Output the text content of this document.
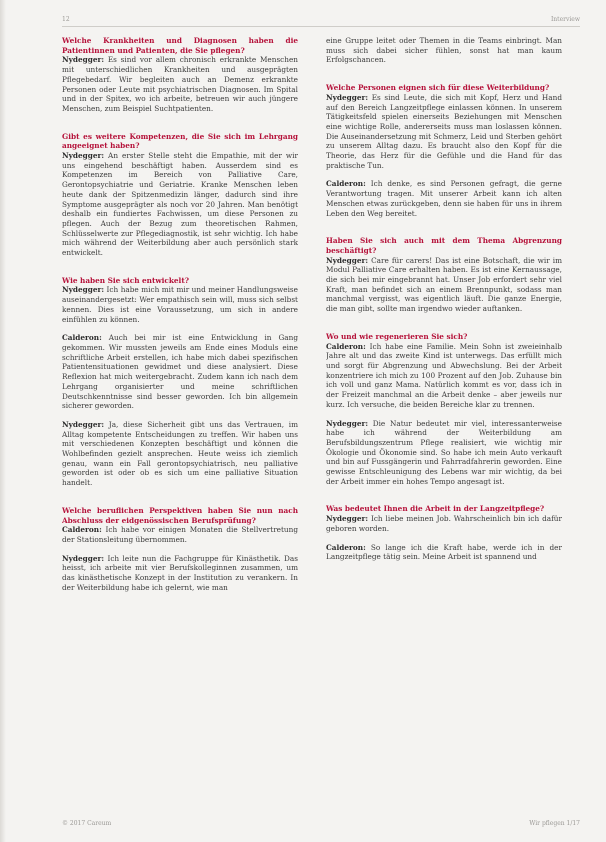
12	Interview
Welche Krankheiten und Diagnosen haben die Patientinnen und Patienten, die Sie pflegen?

Nydegger: Es sind vor allem chronisch erkrankte Menschen mit unterschiedlichen Krankheiten und ausgeprägten Pflegebedarf. Wir begleiten auch an Demenz erkrankte Personen oder Leute mit psychiatrischen Diagnosen. Im Spital und in der Spitex, wo ich arbeite, betreuen wir auch jüngere Menschen, zum Beispiel Suchtpatienten.

Gibt es weitere Kompetenzen, die Sie sich im Lehrgang angeeignet haben?

Nydegger: An erster Stelle steht die Empathie, mit der wir uns eingehend beschäftigt haben. Ausserdem sind es Kompetenzen im Bereich von Palliative Care, Gerontopsychiatrie und Geriatrie. Kranke Menschen leben heute dank der Spitzenmedizin länger, dadurch sind ihre Symptome ausgeprägter als noch vor 20 Jahren. Man benötigt deshalb ein fundiertes Fachwissen, um diese Personen zu pflegen. Auch der Bezug zum theoretischen Rahmen, Schlüsselwerte zur Pflegediagnostik, ist sehr wichtig. Ich habe mich während der Weiterbildung aber auch persönlich stark entwickelt.

Wie haben Sie sich entwickelt?

Nydegger: Ich habe mich mit mir und meiner Handlungsweise auseinandergesetzt: Wer empathisch sein will, muss sich selbst kennen. Dies ist eine Voraussetzung, um sich in andere einfühlen zu können.

Calderon: Auch bei mir ist eine Entwicklung in Gang gekommen. Wir mussten jeweils am Ende eines Moduls eine schriftliche Arbeit erstellen, ich habe mich dabei spezifischen Patientensituationen gewidmet und diese analysiert. Diese Reflexion hat mich weitergebracht. Zudem kann ich nach dem Lehrgang organisierter und meine schriftlichen Deutschkenntnisse sind besser geworden. Ich bin allgemein sicherer geworden.

Nydegger: Ja, diese Sicherheit gibt uns das Vertrauen, im Alltag kompetente Entscheidungen zu treffen. Wir haben uns mit verschiedenen Konzepten beschäftigt und können die Wohlbefinden gezielt ansprechen. Heute weiss ich ziemlich genau, wann ein Fall gerontopsychiatrisch, neu palliative geworden ist oder ob es sich um eine palliative Situation handelt.

Welche beruflichen Perspektiven haben Sie nun nach Abschluss der eidgenössischen Berufsprüfung?

Calderon: Ich habe vor einigen Monaten die Stellvertretung der Stationsleitung übernommen.

Nydegger: Ich leite nun die Fachgruppe für Kinästhetik. Das heisst, ich arbeite mit vier Berufskolleginnen zusammen, um das kinästhetische Konzept in der Institution zu verankern. In der Weiterbildung habe ich gelernt, wie man

eine Gruppe leitet oder Themen in die Teams einbringt. Man muss sich dabei sicher fühlen, sonst hat man kaum Erfolgschancen.

Welche Personen eignen sich für diese Weiterbildung?

Nydegger: Es sind Leute, die sich mit Kopf, Herz und Hand auf den Bereich Langzeitpflege einlassen können. In unserem Tätigkeitsfeld spielen einerseits Beziehungen mit Menschen eine wichtige Rolle, andererseits muss man loslassen können. Die Auseinandersetzung mit Schmerz, Leid und Sterben gehört zu unserem Alltag dazu. Es braucht also den Kopf für die Theorie, das Herz für die Gefühle und die Hand für das praktische Tun.

Calderon: Ich denke, es sind Personen gefragt, die gerne Verantwortung tragen. Mit unserer Arbeit kann ich alten Menschen etwas zurückgeben, denn sie haben für uns in ihrem Leben den Weg bereitet.

Haben Sie sich auch mit dem Thema Abgrenzung beschäftigt?

Nydegger: Care für carers! Das ist eine Botschaft, die wir im Modul Palliative Care erhalten haben. Es ist eine Kernaussage, die sich bei mir eingebrannt hat. Unser Job erfordert sehr viel Kraft, man befindet sich an einem Brennpunkt, sodass man manchmal vergisst, was eigentlich läuft. Die ganze Energie, die man gibt, sollte man irgendwo wieder auftanken.

Wo und wie regenerieren Sie sich?

Calderon: Ich habe eine Familie. Mein Sohn ist zweieinhalb Jahre alt und das zweite Kind ist unterwegs. Das erfüllt mich und sorgt für Abgrenzung und Abwechslung. Bei der Arbeit konzentriere ich mich zu 100 Prozent auf den Job. Zuhause bin ich voll und ganz Mama. Natürlich kommt es vor, dass ich in der Freizeit manchmal an die Arbeit denke – aber jeweils nur kurz. Ich versuche, die beiden Bereiche klar zu trennen.

Nydegger: Die Natur bedeutet mir viel, interessanterweise habe ich während der Weiterbildung am Berufsbildungszentrum Pflege realisiert, wie wichtig mir Ökologie und Ökonomie sind. So habe ich mein Auto verkauft und bin auf Fussgängerin und Fahrradfahrerin geworden. Eine gewisse Entschleunigung des Lebens war mir wichtig, da bei der Arbeit immer ein hohes Tempo angesagt ist.

Was bedeutet Ihnen die Arbeit in der Langzeitpflege?

Nydegger: Ich liebe meinen Job. Wahrscheinlich bin ich dafür geboren worden.

Calderon: So lange ich die Kraft habe, werde ich in der Langzeitpflege tätig sein. Meine Arbeit ist spannend und

© 2017 Careum	Wir pflegen 1/17
